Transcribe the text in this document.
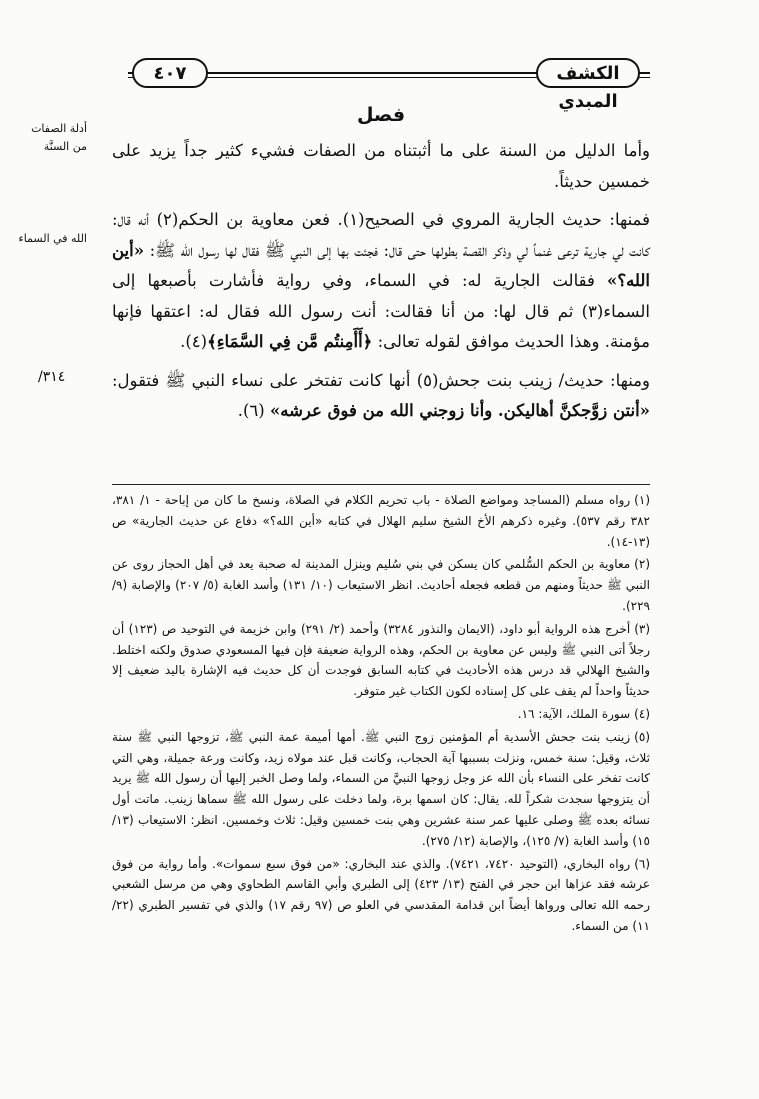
الكشف المبدي
٤٠٧
أدلة الصفات
من السنَّة
الله في السماء
٣١٤/
فصل

وأما الدليل من السنة على ما أثبتناه من الصفات فشيء كثير جداً يزيد على خمسين حديثاً.

فمنها: حديث الجارية المروي في الصحيح(١). فعن معاوية بن الحكم(٢) أنه قال: كانت لي جارية ترعى غنماً لي وذكر القصة بطولها حتى قال: فجئت بها إلى النبي ﷺ فقال لها رسول الله ﷺ: «أين الله؟» فقالت الجارية له: في السماء، وفي رواية فأشارت بأصبعها إلى السماء(٣) ثم قال لها: من أنا فقالت: أنت رسول الله فقال له: اعتقها فإنها مؤمنة. وهذا الحديث موافق لقوله تعالى: ﴿أَأَمِنتُم مَّن فِي السَّمَاءِ﴾(٤).

ومنها: حديث/ زينب بنت جحش(٥) أنها كانت تفتخر على نساء النبي ﷺ فتقول: «أنتن زوَّجكنَّ أهاليكن. وأنا زوجني الله من فوق عرشه» (٦).

(١)رواه مسلم (المساجد ومواضع الصلاة - باب تحريم الكلام في الصلاة، ونسخ ما كان من إباحة - ١/ ٣٨١، ٣٨٢ رقم ٥٣٧). وغيره ذكرهم الأخ الشيخ سليم الهلال في كتابه «أين الله؟» دفاع عن حديث الجارية» ص (١٣-١٤).

(٢)معاوية بن الحكم السُّلمي كان يسكن في بني سُليم وينزل المدينة له صحبة يعد في أهل الحجاز روى عن النبي ﷺ حديثاً ومنهم من قطعه فجعله أحاديث. انظر الاستيعاب (١٠/ ١٣١) وأسد الغابة (٥/ ٢٠٧) والإصابة (٩/ ٢٢٩).

(٣)أخرج هذه الرواية أبو داود، (الايمان والنذور ٣٢٨٤) وأحمد (٢/ ٢٩١) وابن خزيمة في التوحيد ص (١٢٣) أن رجلاً أتى النبي ﷺ وليس عن معاوية بن الحكم، وهذه الرواية ضعيفة فإن فيها المسعودي صدوق ولكنه اختلط. والشيخ الهلالي قد درس هذه الأحاديث في كتابه السابق فوجدت أن كل حديث فيه الإشارة باليد ضعيف إلا حديثاً واحداً لم يقف على كل إسناده لكون الكتاب غير متوفر.

(٤)سورة الملك، الآية: ١٦.

(٥)زينب بنت جحش الأسدية أم المؤمنين زوج النبي ﷺ. أمها أميمة عمة النبي ﷺ، تزوجها النبي ﷺ سنة ثلاث، وقيل: سنة خمس، ونزلت بسببها آية الحجاب، وكانت قبل عند مولاه زيد، وكانت ورعة جميلة، وهي التي كانت تفخر على النساء بأن الله عز وجل زوجها النبيَّ من السماء، ولما وصل الخبر إليها أن رسول الله ﷺ يريد أن يتزوجها سجدت شكراً لله. يقال: كان اسمها برة، ولما دخلت على رسول الله ﷺ سماها زينب. ماتت أول نسائه بعده ﷺ وصلى عليها عمر سنة عشرين وهي بنت خمسين وقيل: ثلاث وخمسين. انظر: الاستيعاب (١٣/ ١٥) وأسد الغابة (٧/ ١٢٥)، والإصابة (١٢/ ٢٧٥).

(٦)رواه البخاري، (التوحيد ٧٤٢٠، ٧٤٢١). والذي عند البخاري: «من فوق سبع سموات». وأما رواية من فوق عرشه فقد عزاها ابن حجر في الفتح (١٣/ ٤٢٣) إلى الطبري وأبي القاسم الطحاوي وهي من مرسل الشعبي رحمه الله تعالى ورواها أيضاً ابن قدامة المقدسي في العلو ص (٩٧ رقم ١٧) والذي في تفسير الطبري (٢٢/ ١١) من السماء.
